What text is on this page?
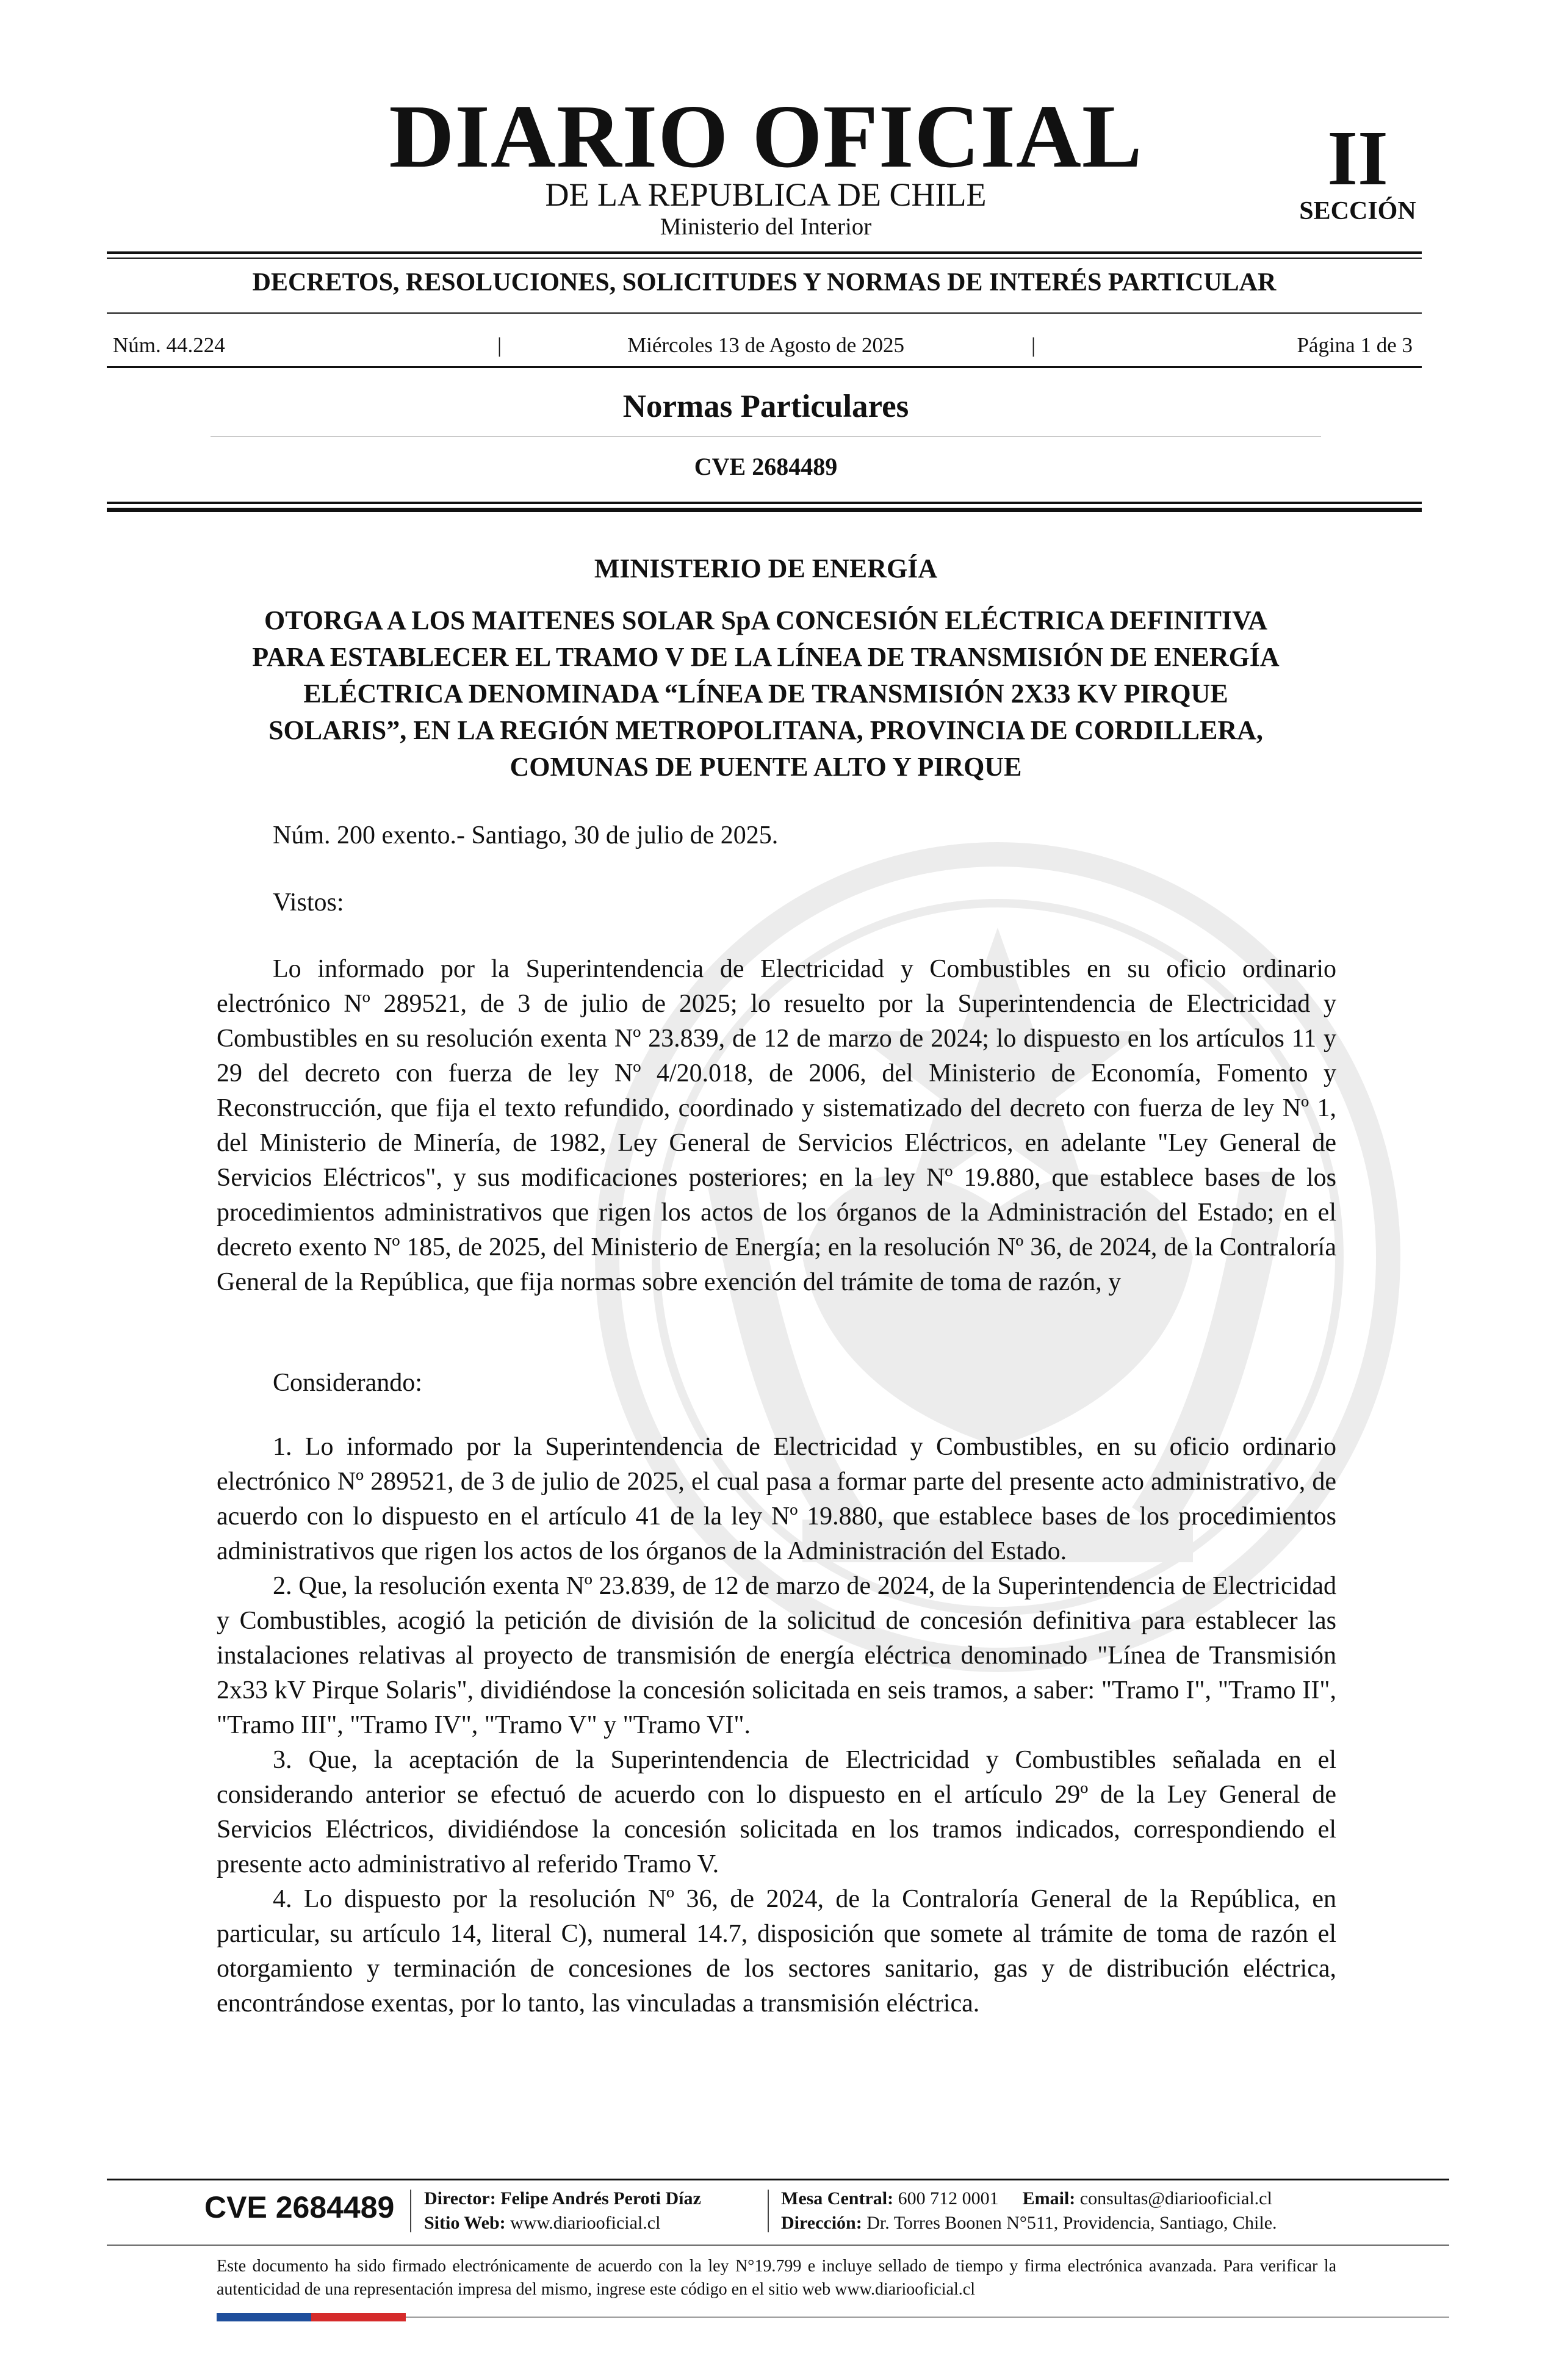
DIARIO OFICIAL
DE LA REPUBLICA DE CHILE
Ministerio del Interior
II
SECCIÓN
DECRETOS, RESOLUCIONES, SOLICITUDES Y NORMAS DE INTERÉS PARTICULAR
Núm. 44.224	|	Miércoles 13 de Agosto de 2025	|	Página 1 de 3
Normas Particulares
CVE 2684489
MINISTERIO DE ENERGÍA
OTORGA A LOS MAITENES SOLAR SpA CONCESIÓN ELÉCTRICA DEFINITIVA
PARA ESTABLECER EL TRAMO V DE LA LÍNEA DE TRANSMISIÓN DE ENERGÍA
ELÉCTRICA DENOMINADA “LÍNEA DE TRANSMISIÓN 2X33 KV PIRQUE
SOLARIS”, EN LA REGIÓN METROPOLITANA, PROVINCIA DE CORDILLERA,
COMUNAS DE PUENTE ALTO Y PIRQUE
Núm. 200 exento.- Santiago, 30 de julio de 2025.
Vistos:

Lo informado por la Superintendencia de Electricidad y Combustibles en su oficio ordinario electrónico Nº 289521, de 3 de julio de 2025; lo resuelto por la Superintendencia de Electricidad y Combustibles en su resolución exenta Nº 23.839, de 12 de marzo de 2024; lo dispuesto en los artículos 11 y 29 del decreto con fuerza de ley Nº 4/20.018, de 2006, del Ministerio de Economía, Fomento y Reconstrucción, que fija el texto refundido, coordinado y sistematizado del decreto con fuerza de ley Nº 1, del Ministerio de Minería, de 1982, Ley General de Servicios Eléctricos, en adelante "Ley General de Servicios Eléctricos", y sus modificaciones posteriores; en la ley Nº 19.880, que establece bases de los procedimientos administrativos que rigen los actos de los órganos de la Administración del Estado; en el decreto exento Nº 185, de 2025, del Ministerio de Energía; en la resolución Nº 36, de 2024, de la Contraloría General de la República, que fija normas sobre exención del trámite de toma de razón, y

Considerando:

1. Lo informado por la Superintendencia de Electricidad y Combustibles, en su oficio ordinario electrónico Nº 289521, de 3 de julio de 2025, el cual pasa a formar parte del presente acto administrativo, de acuerdo con lo dispuesto en el artículo 41 de la ley Nº 19.880, que establece bases de los procedimientos administrativos que rigen los actos de los órganos de la Administración del Estado.

2. Que, la resolución exenta Nº 23.839, de 12 de marzo de 2024, de la Superintendencia de Electricidad y Combustibles, acogió la petición de división de la solicitud de concesión definitiva para establecer las instalaciones relativas al proyecto de transmisión de energía eléctrica denominado "Línea de Transmisión 2x33 kV Pirque Solaris", dividiéndose la concesión solicitada en seis tramos, a saber: "Tramo I", "Tramo II", "Tramo III", "Tramo IV", "Tramo V" y "Tramo VI".

3. Que, la aceptación de la Superintendencia de Electricidad y Combustibles señalada en el considerando anterior se efectuó de acuerdo con lo dispuesto en el artículo 29º de la Ley General de Servicios Eléctricos, dividiéndose la concesión solicitada en los tramos indicados, correspondiendo el presente acto administrativo al referido Tramo V.

4. Lo dispuesto por la resolución Nº 36, de 2024, de la Contraloría General de la República, en particular, su artículo 14, literal C), numeral 14.7, disposición que somete al trámite de toma de razón el otorgamiento y terminación de concesiones de los sectores sanitario, gas y de distribución eléctrica, encontrándose exentas, por lo tanto, las vinculadas a transmisión eléctrica.

CVE 2684489	Director: Felipe Andrés Peroti Díaz
Sitio Web: www.diariooficial.cl
Mesa Central: 600 712 0001 Email: consultas@diariooficial.cl
Dirección: Dr. Torres Boonen N°511, Providencia, Santiago, Chile.
Este documento ha sido firmado electrónicamente de acuerdo con la ley N°19.799 e incluye sellado de tiempo y firma electrónica avanzada. Para verificar la autenticidad de una representación impresa del mismo, ingrese este código en el sitio web www.diariooficial.cl
